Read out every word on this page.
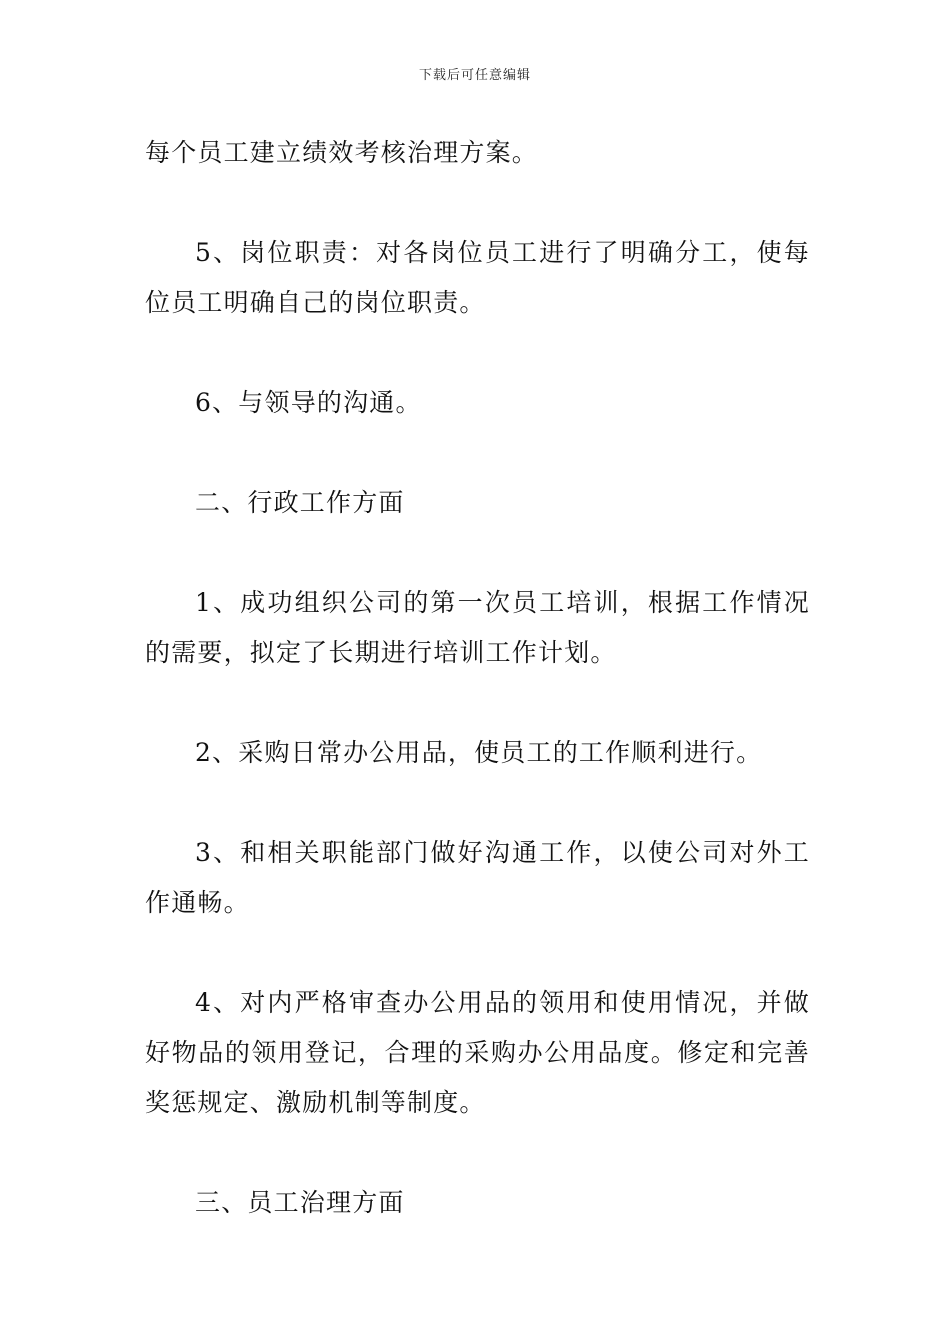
下载后可任意编辑

每个员工建立绩效考核治理方案。

5、岗位职责：对各岗位员工进行了明确分工，使每位员工明确自己的岗位职责。

6、与领导的沟通。

二、行政工作方面

1、成功组织公司的第一次员工培训，根据工作情况的需要，拟定了长期进行培训工作计划。

2、采购日常办公用品，使员工的工作顺利进行。

3、和相关职能部门做好沟通工作，以使公司对外工作通畅。

4、对内严格审查办公用品的领用和使用情况，并做好物品的领用登记，合理的采购办公用品度。修定和完善奖惩规定、激励机制等制度。

三、员工治理方面
